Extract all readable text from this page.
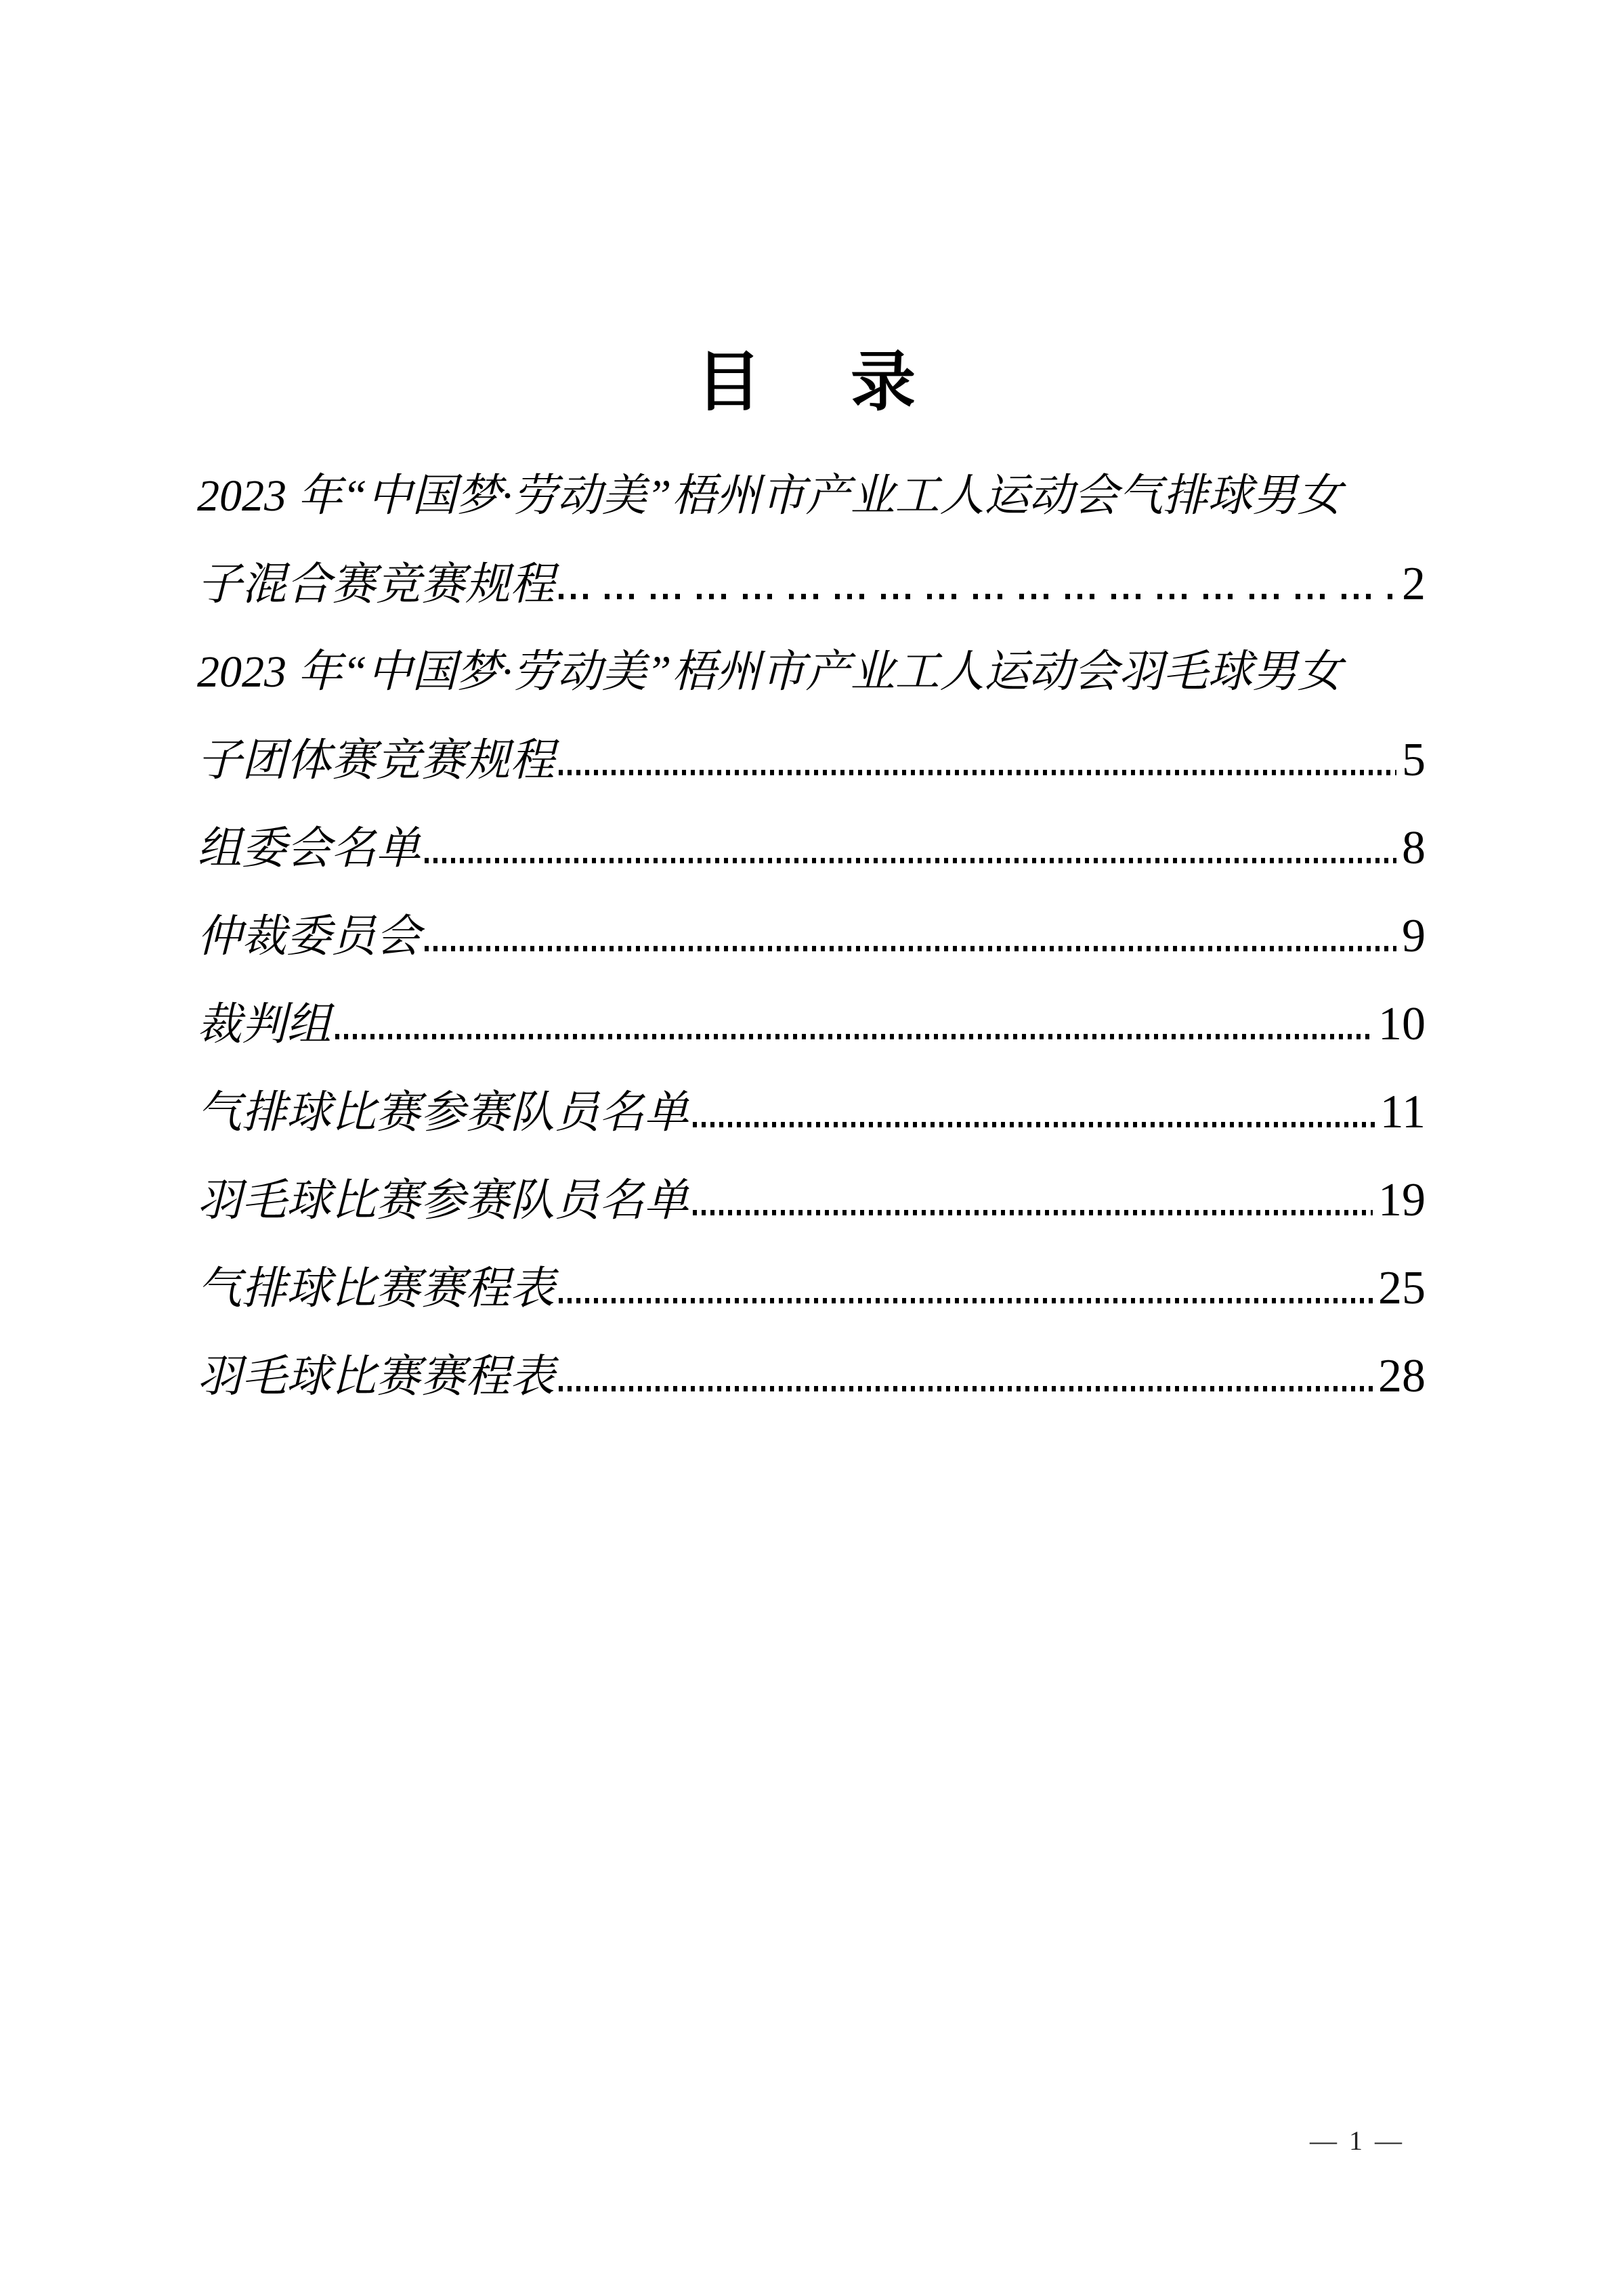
目　录
2023 年“中国梦·劳动美”梧州市产业工人运动会气排球男女
子混合赛竞赛规程	2
2023 年“中国梦·劳动美”梧州市产业工人运动会羽毛球男女
子团体赛竞赛规程	5
组委会名单	8
仲裁委员会	9
裁判组	10
气排球比赛参赛队员名单	11
羽毛球比赛参赛队员名单	19
气排球比赛赛程表	25
羽毛球比赛赛程表	28
— 1 —
